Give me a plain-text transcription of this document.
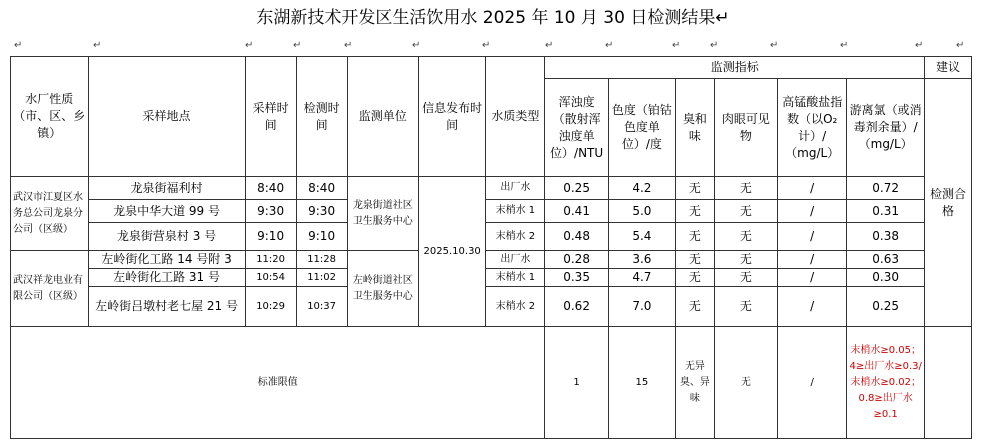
东湖新技术开发区生活饮用水 2025 年 10 月 30 日检测结果↵
↵	↵	↵	↵	↵	↵	↵	↵	↵	↵	↵	↵	↵	↵	↵
水厂性质（市、区、乡镇）	采样地点	采样时间	检测时间	监测单位	信息发布时间	水质类型	监测指标						建议
							浑浊度（散射浑浊度单位）/NTU	色度（铂钴色度单位）/度	臭和味	肉眼可见物	高锰酸盐指数（以O₂计）/（mg/L）	游离氯（或消毒剂余量）/（mg/L）	检测合格
武汉市江夏区水务总公司龙泉分公司（区级）	龙泉街福利村	8:40	8:40	龙泉街道社区卫生服务中心	2025.10.30	出厂水	0.25	4.2	无	无	/	0.72	
	龙泉中华大道 99 号	9:30	9:30			末梢水 1	0.41	5.0	无	无	/	0.31	
	龙泉街营泉村 3 号	9:10	9:10			末梢水 2	0.48	5.4	无	无	/	0.38	
武汉祥龙电业有限公司（区级）	左岭街化工路 14 号附 3	11:20	11:28	左岭街道社区卫生服务中心		出厂水	0.28	3.6	无	无	/	0.63	
	左岭街化工路 31 号	10:54	11:02			末梢水 1	0.35	4.7	无	无	/	0.30	
	左岭街吕墩村老七屋 21 号	10:29	10:37			末梢水 2	0.62	7.0	无	无	/	0.25	
标准限值							1	15	无异臭、异味	无	/	末梢水≥0.05；4≥出厂水≥0.3/末梢水≥0.02；0.8≥出厂水≥0.1	
